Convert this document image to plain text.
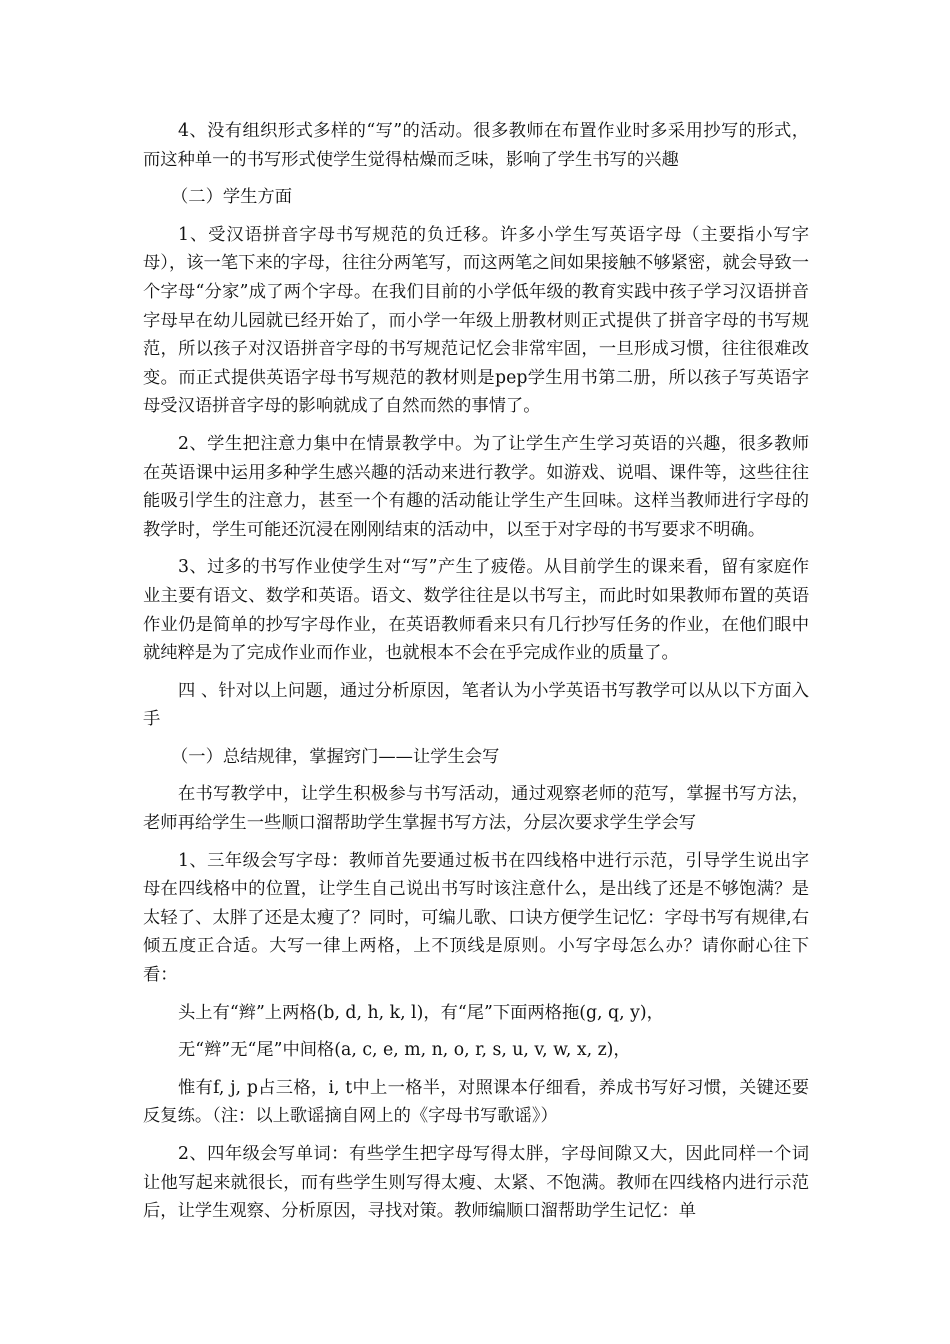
4、没有组织形式多样的“写”的活动。很多教师在布置作业时多采用抄写的形式，而这种单一的书写形式使学生觉得枯燥而乏味，影响了学生书写的兴趣

（二）学生方面

1、受汉语拼音字母书写规范的负迁移。许多小学生写英语字母（主要指小写字母），该一笔下来的字母，往往分两笔写，而这两笔之间如果接触不够紧密，就会导致一个字母“分家”成了两个字母。在我们目前的小学低年级的教育实践中孩子学习汉语拼音字母早在幼儿园就已经开始了，而小学一年级上册教材则正式提供了拼音字母的书写规范，所以孩子对汉语拼音字母的书写规范记忆会非常牢固，一旦形成习惯，往往很难改变。而正式提供英语字母书写规范的教材则是pep学生用书第二册，所以孩子写英语字母受汉语拼音字母的影响就成了自然而然的事情了。

2、学生把注意力集中在情景教学中。为了让学生产生学习英语的兴趣，很多教师在英语课中运用多种学生感兴趣的活动来进行教学。如游戏、说唱、课件等，这些往往能吸引学生的注意力，甚至一个有趣的活动能让学生产生回味。这样当教师进行字母的教学时，学生可能还沉浸在刚刚结束的活动中，以至于对字母的书写要求不明确。

3、过多的书写作业使学生对“写”产生了疲倦。从目前学生的课来看，留有家庭作业主要有语文、数学和英语。语文、数学往往是以书写主，而此时如果教师布置的英语作业仍是简单的抄写字母作业，在英语教师看来只有几行抄写任务的作业，在他们眼中就纯粹是为了完成作业而作业，也就根本不会在乎完成作业的质量了。

四 、针对以上问题，通过分析原因，笔者认为小学英语书写教学可以从以下方面入手

（一）总结规律，掌握窍门——让学生会写

在书写教学中，让学生积极参与书写活动，通过观察老师的范写，掌握书写方法，老师再给学生一些顺口溜帮助学生掌握书写方法，分层次要求学生学会写

1、三年级会写字母：教师首先要通过板书在四线格中进行示范，引导学生说出字母在四线格中的位置，让学生自己说出书写时该注意什么，是出线了还是不够饱满？是太轻了、太胖了还是太瘦了？同时，可编儿歌、口诀方便学生记忆：字母书写有规律,右倾五度正合适。大写一律上两格，上不顶线是原则。小写字母怎么办？请你耐心往下看：

头上有“辫”上两格(b, d, h, k, l)，有“尾”下面两格拖(g, q, y)，

无“辫”无“尾”中间格(a, c, e, m, n, o, r, s, u, v, w, x, z)，

惟有f, j, p占三格，i, t中上一格半，对照课本仔细看，养成书写好习惯，关键还要反复练。（注：以上歌谣摘自网上的《字母书写歌谣》）

2、四年级会写单词：有些学生把字母写得太胖，字母间隙又大，因此同样一个词让他写起来就很长，而有些学生则写得太瘦、太紧、不饱满。教师在四线格内进行示范后，让学生观察、分析原因，寻找对策。教师编顺口溜帮助学生记忆：单
